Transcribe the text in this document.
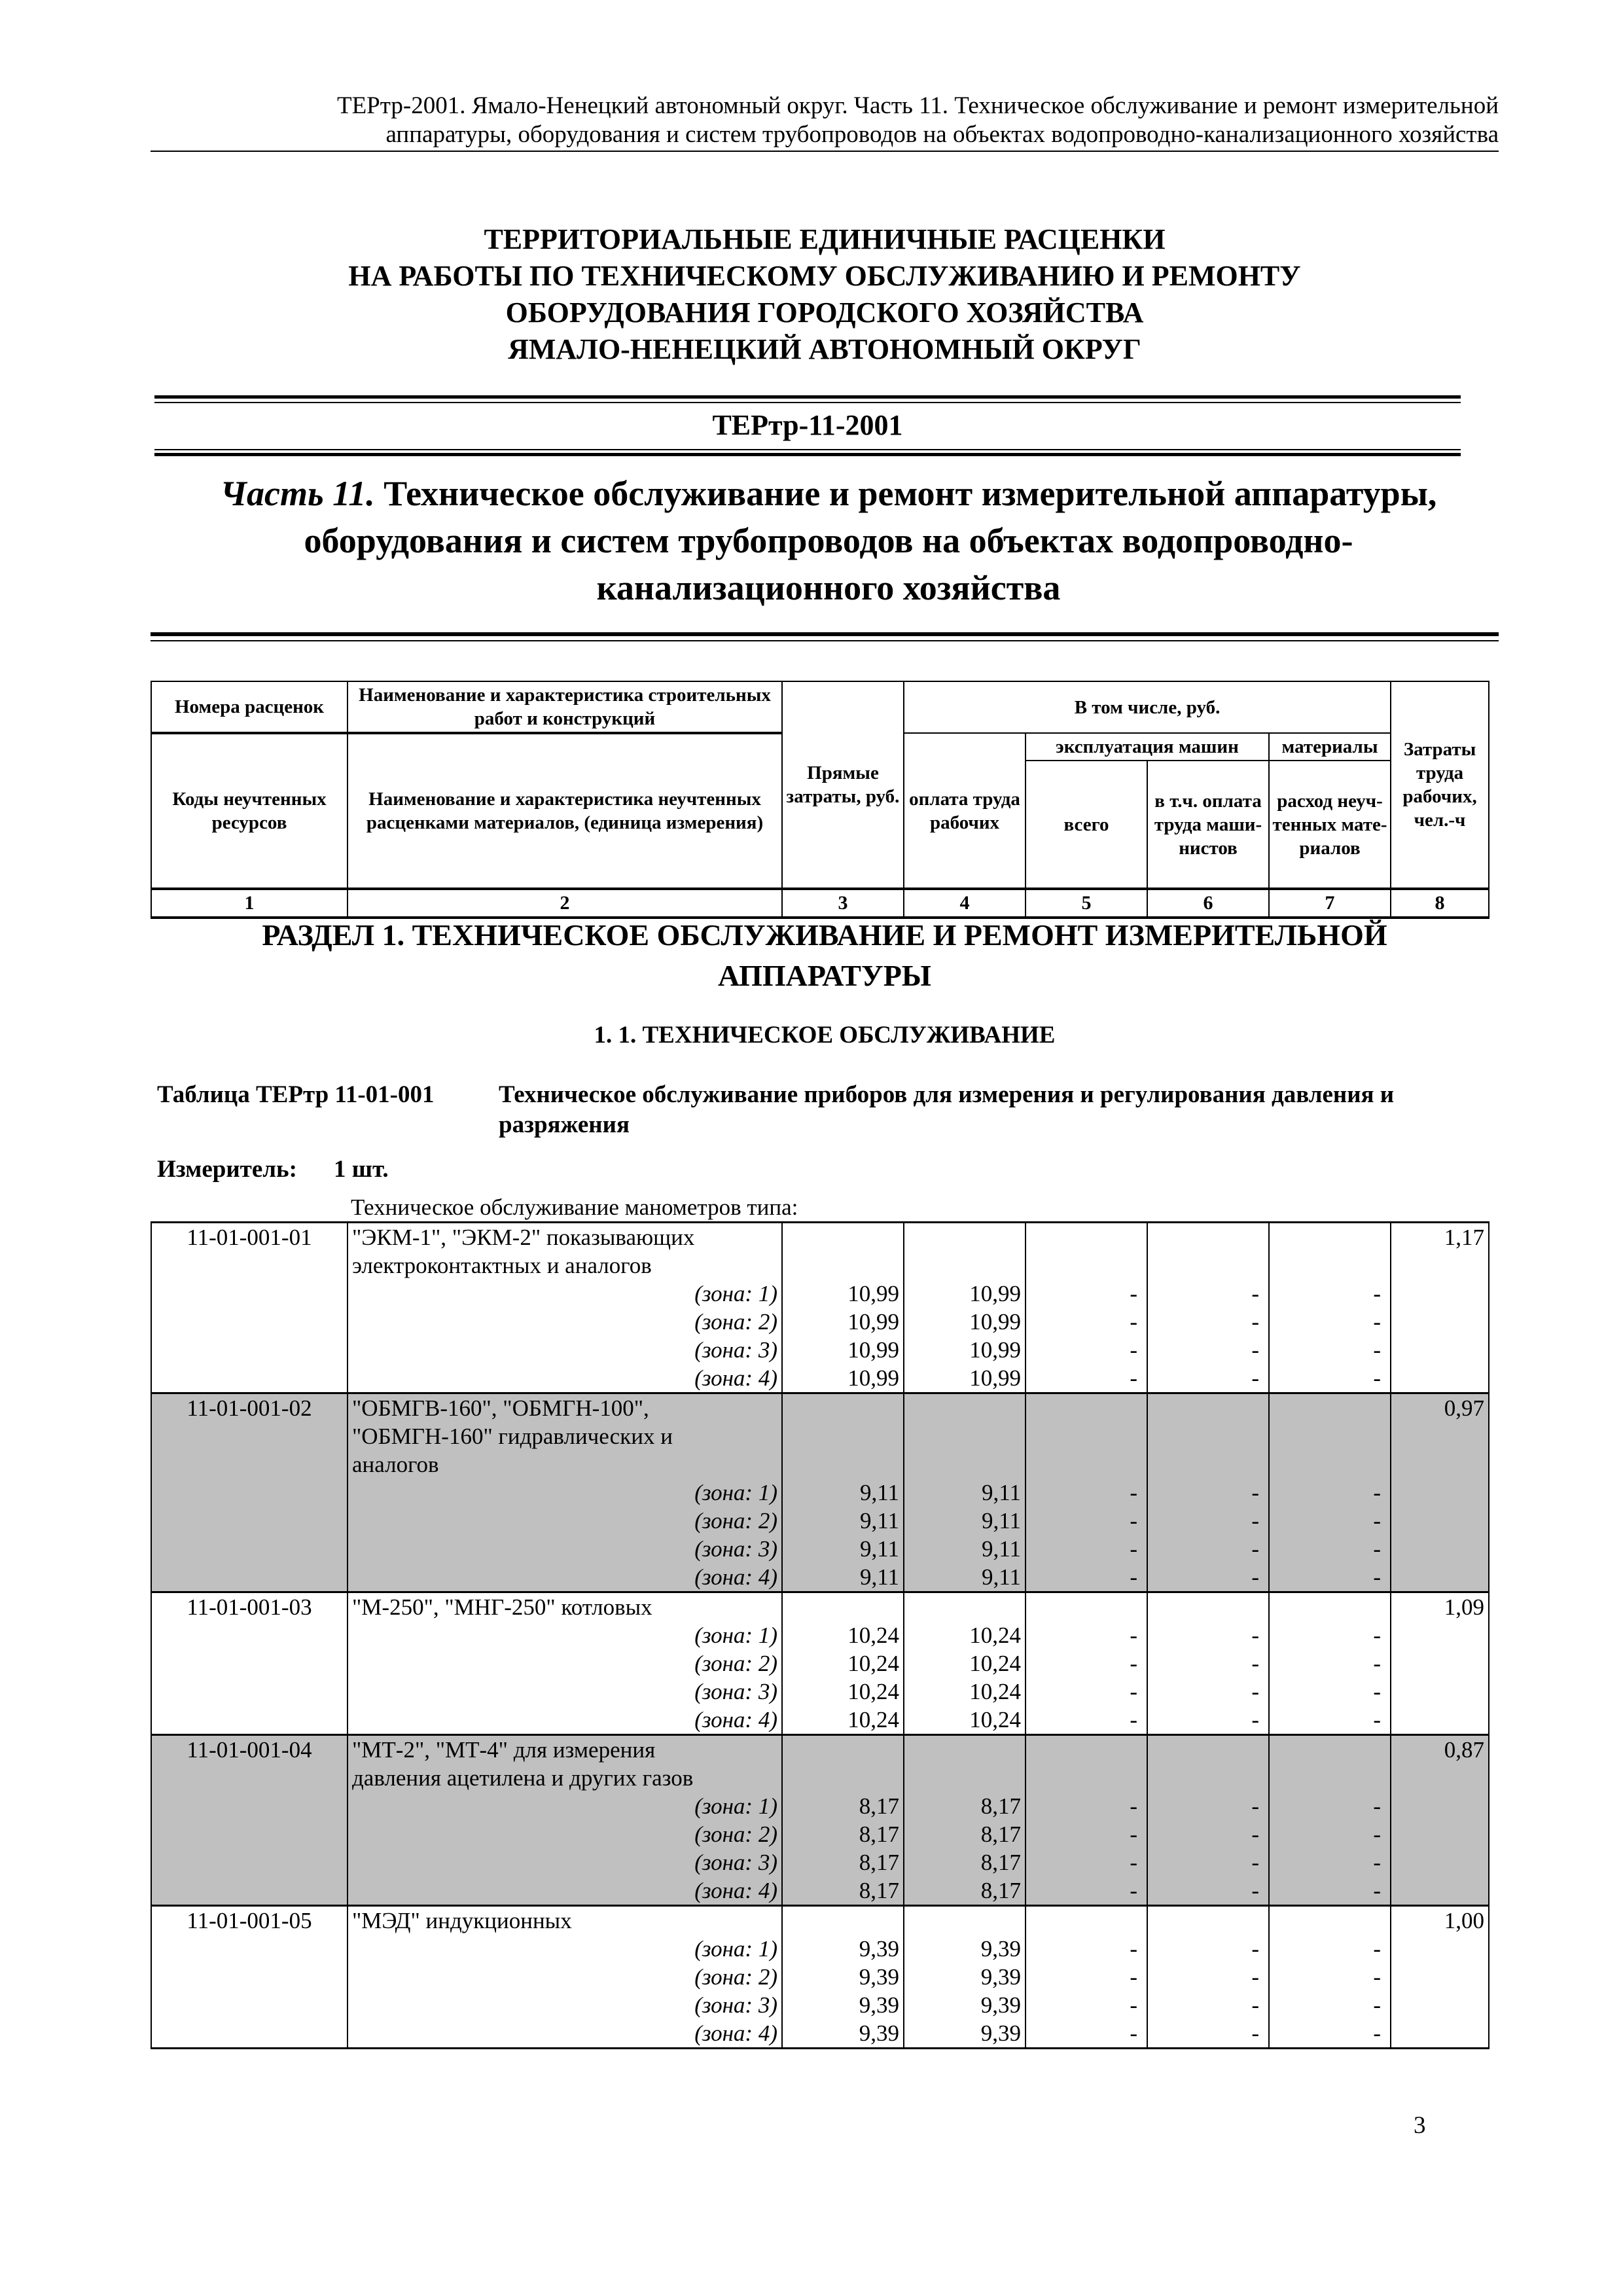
ТЕРтр-2001. Ямало-Ненецкий автономный округ. Часть 11. Техническое обслуживание и ремонт измерительной
аппаратуры, оборудования и систем трубопроводов на объектах водопроводно-канализационного хозяйства
ТЕРРИТОРИАЛЬНЫЕ ЕДИНИЧНЫЕ РАСЦЕНКИ
НА РАБОТЫ ПО ТЕХНИЧЕСКОМУ ОБСЛУЖИВАНИЮ И РЕМОНТУ
ОБОРУДОВАНИЯ ГОРОДСКОГО ХОЗЯЙСТВА
ЯМАЛО-НЕНЕЦКИЙ АВТОНОМНЫЙ ОКРУГ
ТЕРтр-11-2001
Часть 11. Техническое обслуживание и ремонт измерительной аппаратуры,
оборудования и систем трубопроводов на объектах водопроводно-
канализационного хозяйства
Номера расценок	Наименование и характеристика строительных работ и конструкций	Прямые затраты, руб.	В том числе, руб.				Затраты труда рабочих, чел.-ч
Коды неучтенных ресурсов	Наименование и характеристика неучтенных расценками материалов, (единица измерения)		оплата труда рабочих	эксплуатация машин		материалы	
				всего	в т.ч. оплата труда маши- нистов	расход неуч- тенных мате- риалов	
1	2	3	4	5	6	7	8
РАЗДЕЛ 1. ТЕХНИЧЕСКОЕ ОБСЛУЖИВАНИЕ И РЕМОНТ ИЗМЕРИТЕЛЬНОЙ
АППАРАТУРЫ
1. 1. ТЕХНИЧЕСКОЕ ОБСЛУЖИВАНИЕ
Таблица ТЕРтр 11-01-001	Техническое обслуживание приборов для измерения и регулирования давления и разряжения
Измеритель: 1 шт.
Техническое обслуживание манометров типа:
11-01-001-01	"ЭКМ-1", "ЭКМ-2" показывающих						1,17
	электроконтактных и аналогов						
	(зона: 1)	10,99	10,99	-	-	-	
	(зона: 2)	10,99	10,99	-	-	-	
	(зона: 3)	10,99	10,99	-	-	-	
	(зона: 4)	10,99	10,99	-	-	-	
11-01-001-02	"ОБМГВ-160", "ОБМГН-100",						0,97
	"ОБМГН-160" гидравлических и						
	аналогов						
	(зона: 1)	9,11	9,11	-	-	-	
	(зона: 2)	9,11	9,11	-	-	-	
	(зона: 3)	9,11	9,11	-	-	-	
	(зона: 4)	9,11	9,11	-	-	-	
11-01-001-03	"М-250", "МНГ-250" котловых						1,09
	(зона: 1)	10,24	10,24	-	-	-	
	(зона: 2)	10,24	10,24	-	-	-	
	(зона: 3)	10,24	10,24	-	-	-	
	(зона: 4)	10,24	10,24	-	-	-	
11-01-001-04	"МТ-2", "МТ-4" для измерения						0,87
	давления ацетилена и других газов						
	(зона: 1)	8,17	8,17	-	-	-	
	(зона: 2)	8,17	8,17	-	-	-	
	(зона: 3)	8,17	8,17	-	-	-	
	(зона: 4)	8,17	8,17	-	-	-	
11-01-001-05	"МЭД" индукционных						1,00
	(зона: 1)	9,39	9,39	-	-	-	
	(зона: 2)	9,39	9,39	-	-	-	
	(зона: 3)	9,39	9,39	-	-	-	
	(зона: 4)	9,39	9,39	-	-	-	
3
